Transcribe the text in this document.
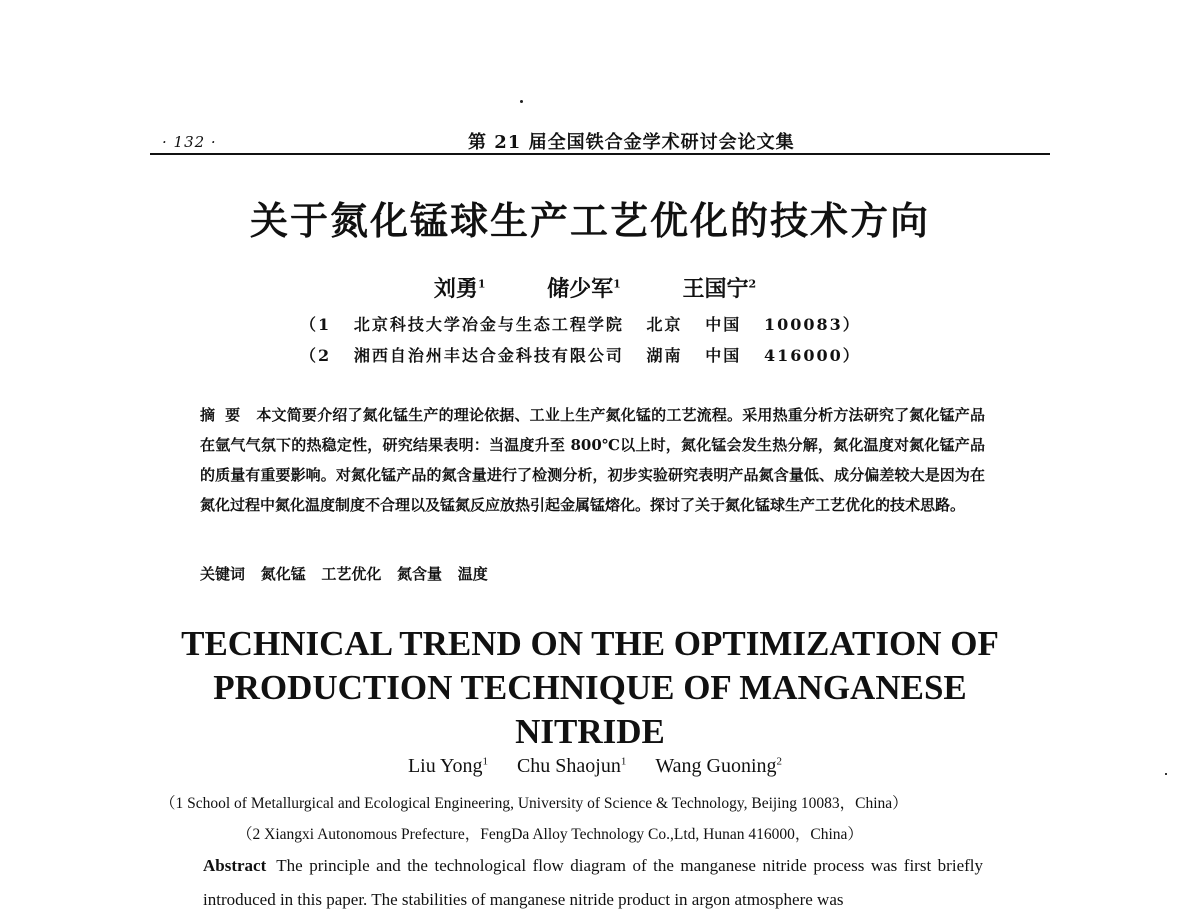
· 132 ·	第 21 届全国铁合金学术研讨会论文集
关于氮化锰球生产工艺优化的技术方向
刘勇$^1$	储少军$^1$	王国宁$^2$
（1   北京科技大学冶金与生态工程学院   北京   中国   100083）
（2   湘西自治州丰达合金科技有限公司   湖南   中国   416000）
摘要 本文简要介绍了氮化锰生产的理论依据、工业上生产氮化锰的工艺流程。采用热重分析方法研究了氮化锰产品在氩气气氛下的热稳定性，研究结果表明：当温度升至 800℃以上时，氮化锰会发生热分解，氮化温度对氮化锰产品的质量有重要影响。对氮化锰产品的氮含量进行了检测分析，初步实验研究表明产品氮含量低、成分偏差较大是因为在氮化过程中氮化温度制度不合理以及锰氮反应放热引起金属锰熔化。探讨了关于氮化锰球生产工艺优化的技术思路。
关键词 氮化锰   工艺优化   氮含量   温度
TECHNICAL TREND ON THE OPTIMIZATION OF PRODUCTION TECHNIQUE OF MANGANESE NITRIDE
Liu Yong$^1$ Chu Shaojun$^1$ Wang Guoning$^2$
（1 School of Metallurgical and Ecological Engineering, University of Science & Technology, Beijing 10083，China）
（2 Xiangxi Autonomous Prefecture，FengDa Alloy Technology Co.,Ltd, Hunan 416000，China）
Abstract The principle and the technological flow diagram of the manganese nitride process was first briefly introduced in this paper. The stabilities of manganese nitride product in argon atmosphere was
